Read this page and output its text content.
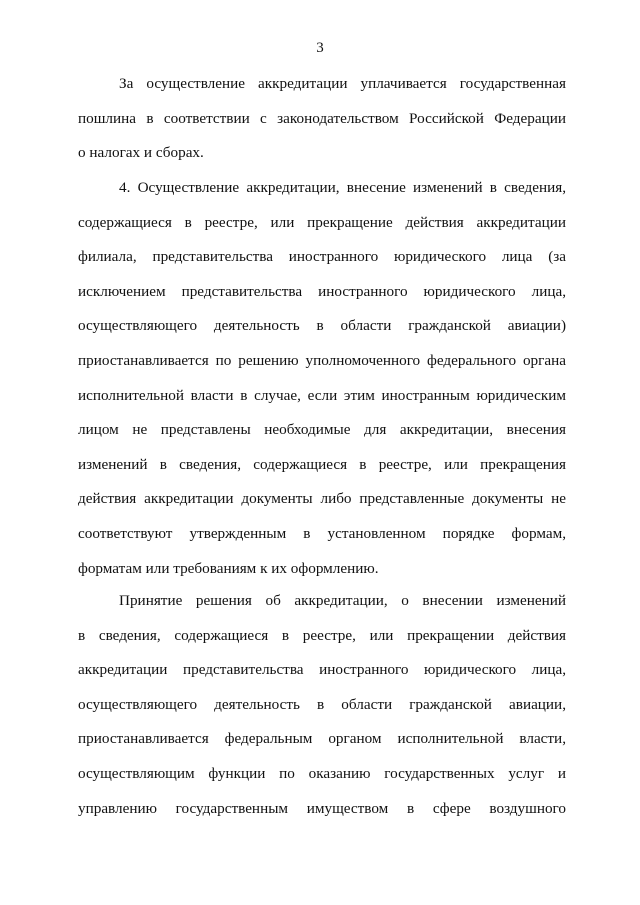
3
За осуществление аккредитации уплачивается государственная
пошлина в соответствии с законодательством Российской Федерации
о налогах и сборах.
4. Осуществление аккредитации, внесение изменений в сведения,
содержащиеся в реестре, или прекращение действия аккредитации
филиала, представительства иностранного юридического лица (за
исключением представительства иностранного юридического лица,
осуществляющего деятельность в области гражданской авиации)
приостанавливается по решению уполномоченного федерального органа
исполнительной власти в случае, если этим иностранным юридическим
лицом не представлены необходимые для аккредитации, внесения
изменений в сведения, содержащиеся в реестре, или прекращения
действия аккредитации документы либо представленные документы не
соответствуют утвержденным в установленном порядке формам,
форматам или требованиям к их оформлению.
Принятие решения об аккредитации, о внесении изменений
в сведения, содержащиеся в реестре, или прекращении действия
аккредитации представительства иностранного юридического лица,
осуществляющего деятельность в области гражданской авиации,
приостанавливается федеральным органом исполнительной власти,
осуществляющим функции по оказанию государственных услуг и
управлению государственным имуществом в сфере воздушного
